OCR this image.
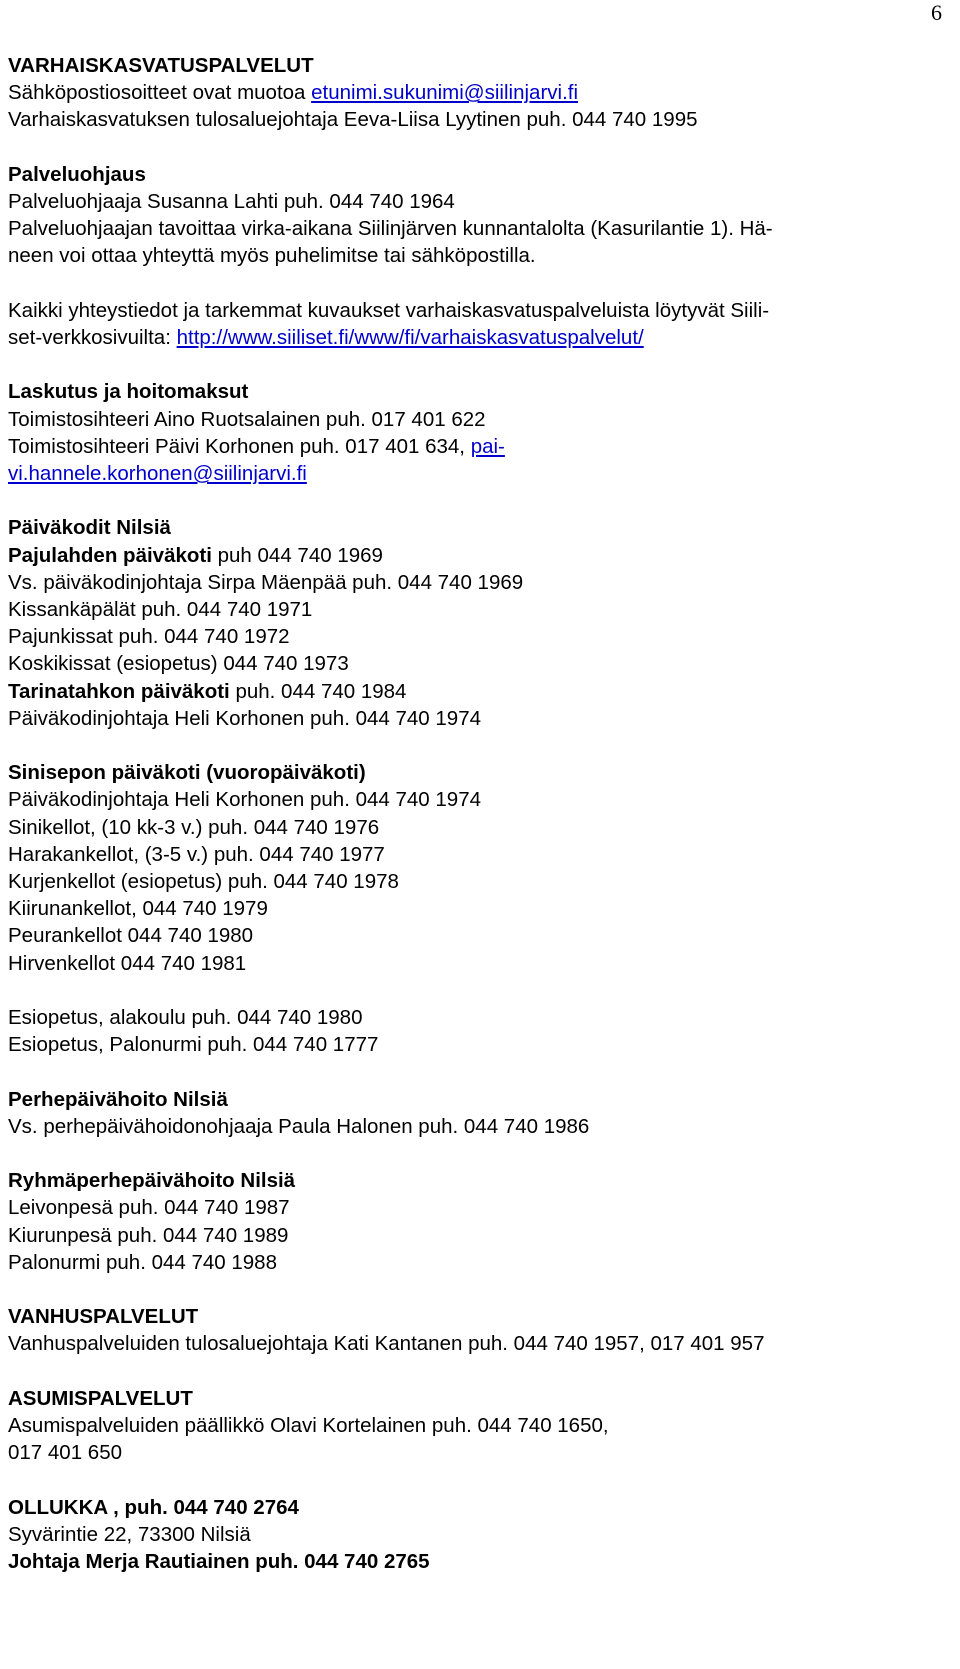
6

VARHAISKASVATUSPALVELUT

Sähköpostiosoitteet ovat muotoa etunimi.sukunimi@siilinjarvi.fi

Varhaiskasvatuksen tulosaluejohtaja Eeva-Liisa Lyytinen puh. 044 740 1995

Palveluohjaus

Palveluohjaaja Susanna Lahti puh. 044 740 1964

Palveluohjaajan tavoittaa virka-aikana Siilinjärven kunnantalolta (Kasurilantie 1). Hä-

neen voi ottaa yhteyttä myös puhelimitse tai sähköpostilla.

Kaikki yhteystiedot ja tarkemmat kuvaukset varhaiskasvatuspalveluista löytyvät Siili-

set-verkkosivuilta: http://www.siiliset.fi/www/fi/varhaiskasvatuspalvelut/

Laskutus ja hoitomaksut

Toimistosihteeri Aino Ruotsalainen puh. 017 401 622

Toimistosihteeri Päivi Korhonen puh. 017 401 634, pai-

vi.hannele.korhonen@siilinjarvi.fi

Päiväkodit Nilsiä

Pajulahden päiväkoti puh 044 740 1969

Vs. päiväkodinjohtaja Sirpa Mäenpää puh. 044 740 1969

Kissankäpälät puh. 044 740 1971

Pajunkissat puh. 044 740 1972

Koskikissat (esiopetus) 044 740 1973

Tarinatahkon päiväkoti puh. 044 740 1984

Päiväkodinjohtaja Heli Korhonen puh. 044 740 1974

Sinisepon päiväkoti (vuoropäiväkoti)

Päiväkodinjohtaja Heli Korhonen puh. 044 740 1974

Sinikellot, (10 kk-3 v.) puh. 044 740 1976

Harakankellot, (3-5 v.) puh. 044 740 1977

Kurjenkellot (esiopetus) puh. 044 740 1978

Kiirunankellot, 044 740 1979

Peurankellot 044 740 1980

Hirvenkellot 044 740 1981

Esiopetus, alakoulu puh. 044 740 1980

Esiopetus, Palonurmi puh. 044 740 1777

Perhepäivähoito Nilsiä

Vs. perhepäivähoidonohjaaja Paula Halonen puh. 044 740 1986

Ryhmäperhepäivähoito Nilsiä

Leivonpesä puh. 044 740 1987

Kiurunpesä puh. 044 740 1989

Palonurmi puh. 044 740 1988

VANHUSPALVELUT

Vanhuspalveluiden tulosaluejohtaja Kati Kantanen puh. 044 740 1957, 017 401 957

ASUMISPALVELUT

Asumispalveluiden päällikkö Olavi Kortelainen puh. 044 740 1650,

017 401 650

OLLUKKA , puh. 044 740 2764

Syvärintie 22, 73300 Nilsiä

Johtaja Merja Rautiainen puh. 044 740 2765
